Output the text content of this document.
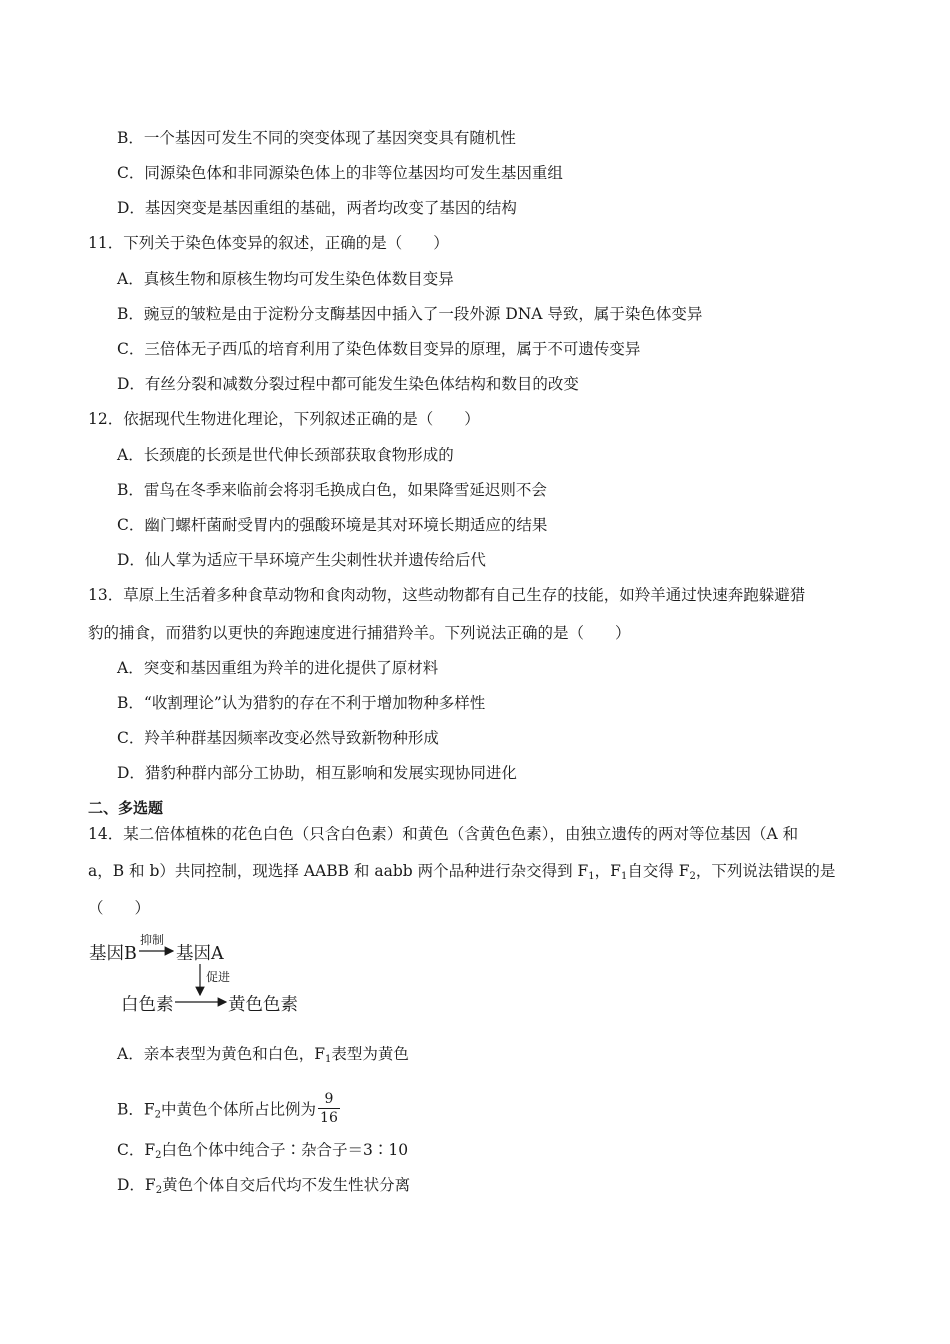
B．一个基因可发生不同的突变体现了基因突变具有随机性
C．同源染色体和非同源染色体上的非等位基因均可发生基因重组
D．基因突变是基因重组的基础，两者均改变了基因的结构
11．下列关于染色体变异的叙述，正确的是（　　）
A．真核生物和原核生物均可发生染色体数目变异
B．豌豆的皱粒是由于淀粉分支酶基因中插入了一段外源 DNA 导致，属于染色体变异
C．三倍体无子西瓜的培育利用了染色体数目变异的原理，属于不可遗传变异
D．有丝分裂和减数分裂过程中都可能发生染色体结构和数目的改变
12．依据现代生物进化理论，下列叙述正确的是（　　）
A．长颈鹿的长颈是世代伸长颈部获取食物形成的
B．雷鸟在冬季来临前会将羽毛换成白色，如果降雪延迟则不会
C．幽门螺杆菌耐受胃内的强酸环境是其对环境长期适应的结果
D．仙人掌为适应干旱环境产生尖刺性状并遗传给后代
13．草原上生活着多种食草动物和食肉动物，这些动物都有自己生存的技能，如羚羊通过快速奔跑躲避猎
豹的捕食，而猎豹以更快的奔跑速度进行捕猎羚羊。下列说法正确的是（　　）
A．突变和基因重组为羚羊的进化提供了原材料
B．“收割理论”认为猎豹的存在不利于增加物种多样性
C．羚羊种群基因频率改变必然导致新物种形成
D．猎豹种群内部分工协助，相互影响和发展实现协同进化
二、多选题
14．某二倍体植株的花色白色（只含白色素）和黄色（含黄色色素），由独立遗传的两对等位基因（A 和
a，B 和 b）共同控制，现选择 AABB 和 aabb 两个品种进行杂交得到 $F_1$，$F_1$自交得 $F_2$，下列说法错误的是
（　　）
基因B
抑制
基因A
促进
白色素	黄色色素
A．亲本表型为黄色和白色，$F_1$表型为黄色
B．$F_2$中黄色个体所占比例为 $\frac{9}{16}$
C．$F_2$白色个体中纯合子∶杂合子＝3∶10
D．$F_2$黄色个体自交后代均不发生性状分离
